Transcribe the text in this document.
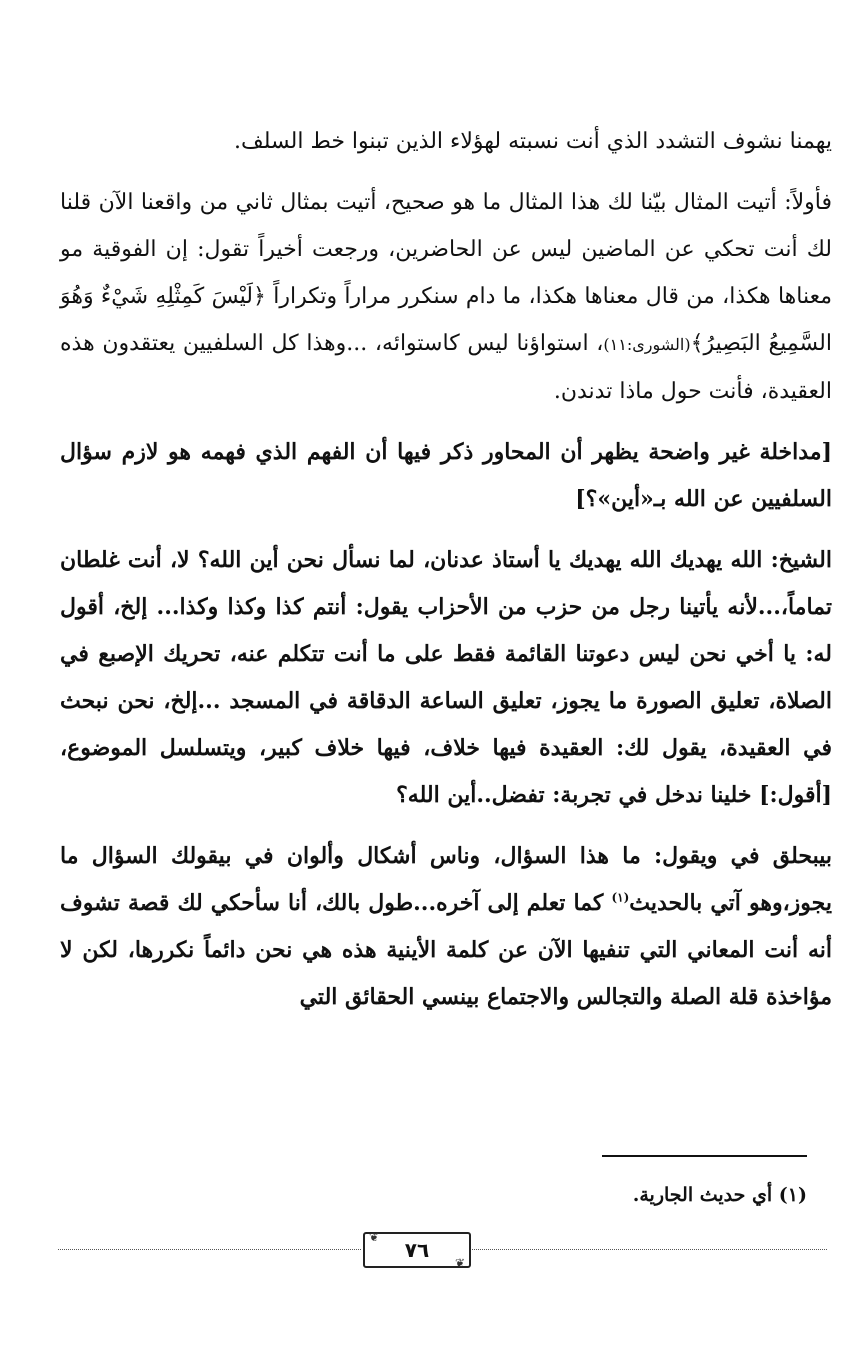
يهمنا نشوف التشدد الذي أنت نسبته لهؤلاء الذين تبنوا خط السلف.

فأولاً: أتيت المثال بيّنا لك هذا المثال ما هو صحيح، أتيت بمثال ثاني من واقعنا الآن قلنا لك أنت تحكي عن الماضين ليس عن الحاضرين، ورجعت أخيراً تقول: إن الفوقية مو معناها هكذا، من قال معناها هكذا، ما دام سنكرر مراراً وتكراراً ﴿لَيْسَ كَمِثْلِهِ شَيْءٌ وَهُوَ السَّمِيعُ البَصِيرُ﴾(الشورى:١١)، استواؤنا ليس كاستوائه، ...وهذا كل السلفيين يعتقدون هذه العقيدة، فأنت حول ماذا تدندن.

[مداخلة غير واضحة يظهر أن المحاور ذكر فيها أن الفهم الذي فهمه هو لازم سؤال السلفيين عن الله بـ«أين»؟]

الشيخ: الله يهديك الله يهديك يا أستاذ عدنان، لما نسأل نحن أين الله؟ لا، أنت غلطان تماماً،...لأنه يأتينا رجل من حزب من الأحزاب يقول: أنتم كذا وكذا وكذا... إلخ، أقول له: يا أخي نحن ليس دعوتنا القائمة فقط على ما أنت تتكلم عنه، تحريك الإصبع في الصلاة، تعليق الصورة ما يجوز، تعليق الساعة الدقاقة في المسجد ...إلخ، نحن نبحث في العقيدة، يقول لك: العقيدة فيها خلاف، فيها خلاف كبير، ويتسلسل الموضوع، [أقول:] خلينا ندخل في تجربة: تفضل..أين الله؟

بيبحلق في ويقول: ما هذا السؤال، وناس أشكال وألوان في بيقولك السؤال ما يجوز،وهو آتي بالحديث$^{(١)}$ كما تعلم إلى آخره...طول بالك، أنا سأحكي لك قصة تشوف أنه أنت المعاني التي تنفيها الآن عن كلمة الأينية هذه هي نحن دائماً نكررها، لكن لا مؤاخذة قلة الصلة والتجالس والاجتماع بينسي الحقائق التي

(١) أي حديث الجارية.
❦
٧٦
❦
